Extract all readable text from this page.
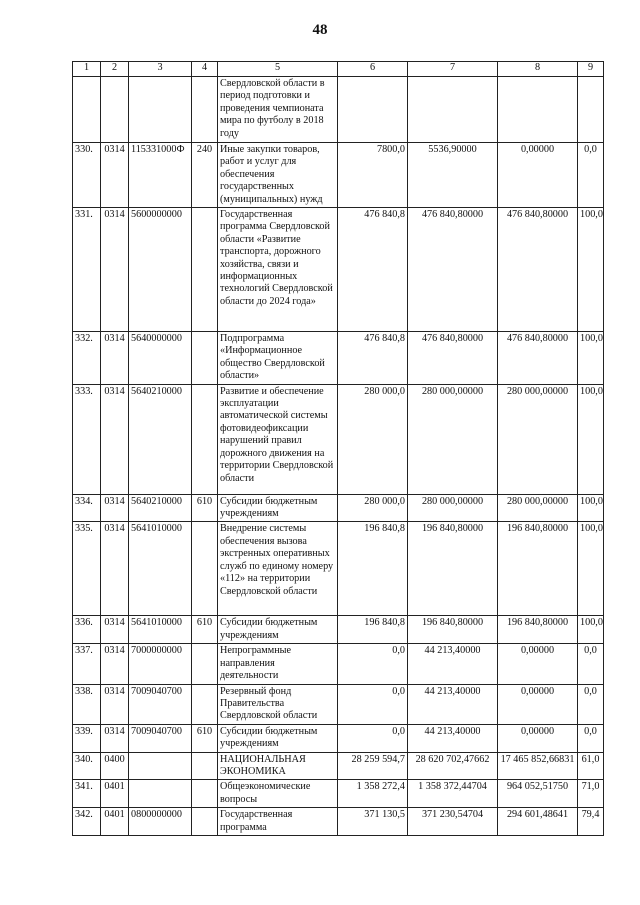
48
1	2	3	4	5	6	7	8	9
				Свердловской области в период подготовки и проведения чемпионата мира по футболу в 2018 году				
330.	0314	115331000Ф	240	Иные закупки товаров, работ и услуг для обеспечения государственных (муниципальных) нужд	7800,0	5536,90000	0,00000	0,0
331.	0314	5600000000		Государственная программа Свердловской области «Развитие транспорта, дорожного хозяйства, связи и информационных технологий Свердловской области до 2024 года»	476 840,8	476 840,80000	476 840,80000	100,0
332.	0314	5640000000		Подпрограмма «Информационное общество Свердловской области»	476 840,8	476 840,80000	476 840,80000	100,0
333.	0314	5640210000		Развитие и обеспечение эксплуатации автоматической системы фотовидеофиксации нарушений правил дорожного движения на территории Свердловской области	280 000,0	280 000,00000	280 000,00000	100,0
334.	0314	5640210000	610	Субсидии бюджетным учреждениям	280 000,0	280 000,00000	280 000,00000	100,0
335.	0314	5641010000		Внедрение системы обеспечения вызова экстренных оперативных служб по единому номеру «112» на территории Свердловской области	196 840,8	196 840,80000	196 840,80000	100,0
336.	0314	5641010000	610	Субсидии бюджетным учреждениям	196 840,8	196 840,80000	196 840,80000	100,0
337.	0314	7000000000		Непрограммные направления деятельности	0,0	44 213,40000	0,00000	0,0
338.	0314	7009040700		Резервный фонд Правительства Свердловской области	0,0	44 213,40000	0,00000	0,0
339.	0314	7009040700	610	Субсидии бюджетным учреждениям	0,0	44 213,40000	0,00000	0,0
340.	0400			НАЦИОНАЛЬНАЯ ЭКОНОМИКА	28 259 594,7	28 620 702,47662	17 465 852,66831	61,0
341.	0401			Общеэкономические вопросы	1 358 272,4	1 358 372,44704	964 052,51750	71,0
342.	0401	0800000000		Государственная программа	371 130,5	371 230,54704	294 601,48641	79,4
